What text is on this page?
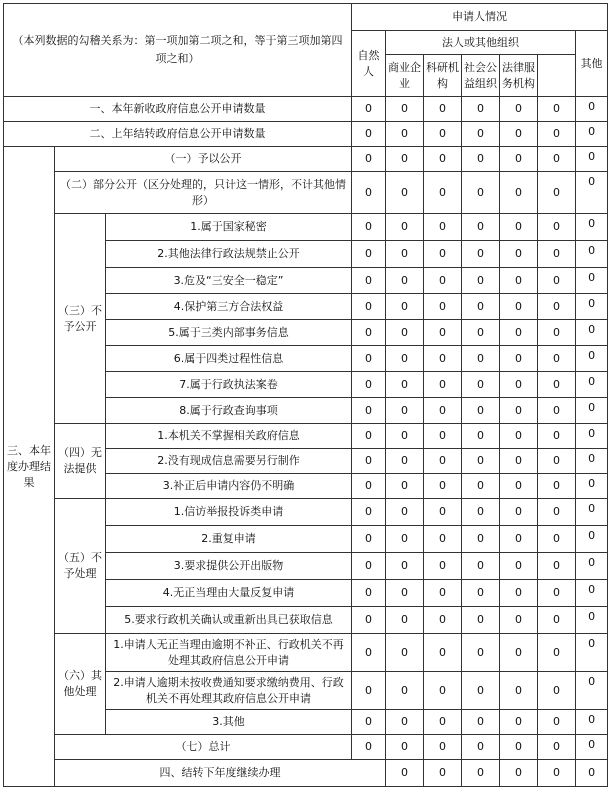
（本列数据的勾稽关系为：第一项加第二项之和，等于第三项加第四项之和）			申请人情况							
			自然人	法人或其他组织					其他	
				商业企业	科研机构	社会公益组织	法律服务机构			
一、本年新收政府信息公开申请数量			0	0	0	0	0	0	0	
二、上年结转政府信息公开申请数量			0	0	0	0	0	0	0	
三、本年度办理结果	（一）予以公开		0	0	0	0	0	0	0	
	（二）部分公开（区分处理的，只计这一情形，不计其他情形）		0	0	0	0	0	0	0	
	（三）不予公开	1.属于国家秘密	0	0	0	0	0	0	0	
		2.其他法律行政法规禁止公开	0	0	0	0	0	0	0	
		3.危及“三安全一稳定”	0	0	0	0	0	0	0	
		4.保护第三方合法权益	0	0	0	0	0	0	0	
		5.属于三类内部事务信息	0	0	0	0	0	0	0	
		6.属于四类过程性信息	0	0	0	0	0	0	0	
		7.属于行政执法案卷	0	0	0	0	0	0	0	
		8.属于行政查询事项	0	0	0	0	0	0	0	
	（四）无法提供	1.本机关不掌握相关政府信息	0	0	0	0	0	0	0	
		2.没有现成信息需要另行制作	0	0	0	0	0	0	0	
		3.补正后申请内容仍不明确	0	0	0	0	0	0	0	
	（五）不予处理	1.信访举报投诉类申请	0	0	0	0	0	0	0	
		2.重复申请	0	0	0	0	0	0	0	
		3.要求提供公开出版物	0	0	0	0	0	0	0	
		4.无正当理由大量反复申请	0	0	0	0	0	0	0	
		5.要求行政机关确认或重新出具已获取信息	0	0	0	0	0	0	0	
	（六）其他处理	1.申请人无正当理由逾期不补正、行政机关不再处理其政府信息公开申请	0	0	0	0	0	0	0	
		2.申请人逾期未按收费通知要求缴纳费用、行政机关不再处理其政府信息公开申请	0	0	0	0	0	0	0	
		3.其他	0	0	0	0	0	0	0	
	（七）总计		0	0	0	0	0	0	0	
	四、结转下年度继续办理			0	0	0	0	0	0	
